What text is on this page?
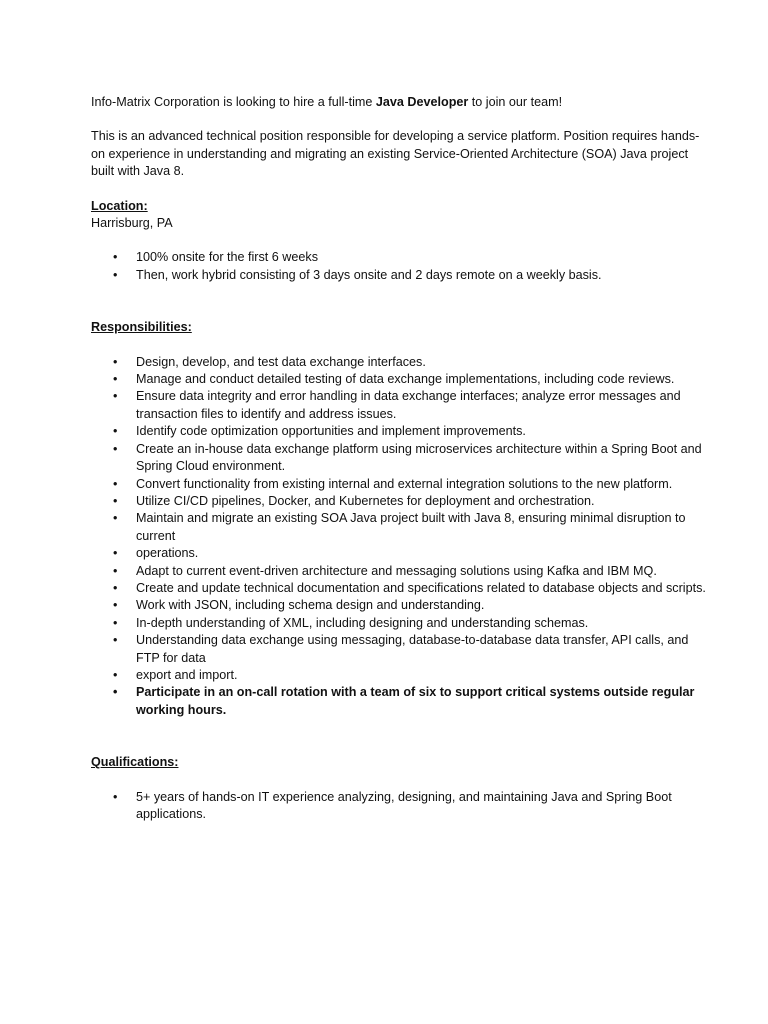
Info-Matrix Corporation is looking to hire a full-time Java Developer to join our team!

This is an advanced technical position responsible for developing a service platform. Position requires hands-on experience in understanding and migrating an existing Service-Oriented Architecture (SOA) Java project built with Java 8.

Location:

Harrisburg, PA

• 100% onsite for the first 6 weeks
• Then, work hybrid consisting of 3 days onsite and 2 days remote on a weekly basis.

Responsibilities:

• Design, develop, and test data exchange interfaces.
• Manage and conduct detailed testing of data exchange implementations, including code reviews.
• Ensure data integrity and error handling in data exchange interfaces; analyze error messages and transaction files to identify and address issues.
• Identify code optimization opportunities and implement improvements.
• Create an in-house data exchange platform using microservices architecture within a Spring Boot and Spring Cloud environment.
• Convert functionality from existing internal and external integration solutions to the new platform.
• Utilize CI/CD pipelines, Docker, and Kubernetes for deployment and orchestration.
• Maintain and migrate an existing SOA Java project built with Java 8, ensuring minimal disruption to current
• operations.
• Adapt to current event-driven architecture and messaging solutions using Kafka and IBM MQ.
• Create and update technical documentation and specifications related to database objects and scripts.
• Work with JSON, including schema design and understanding.
• In-depth understanding of XML, including designing and understanding schemas.
• Understanding data exchange using messaging, database-to-database data transfer, API calls, and FTP for data
• export and import.
• Participate in an on-call rotation with a team of six to support critical systems outside regular working hours.

Qualifications:

• 5+ years of hands-on IT experience analyzing, designing, and maintaining Java and Spring Boot applications.
